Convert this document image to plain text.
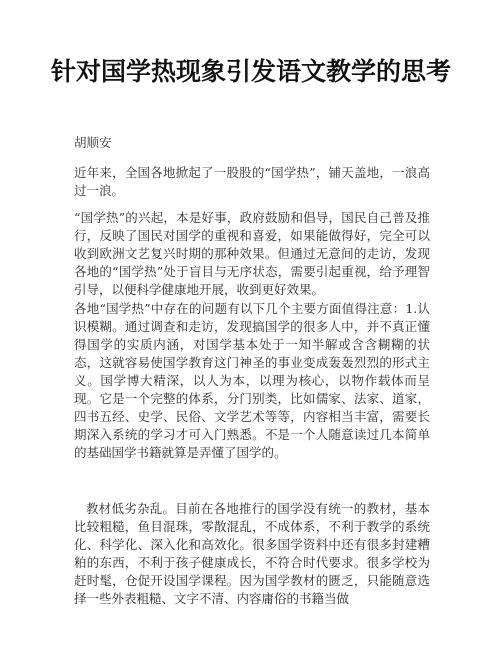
针对国学热现象引发语文教学的思考
胡顺安

近年来，全国各地掀起了一股股的“国学热”，铺天盖地，一浪高过一浪。

“国学热”的兴起，本是好事，政府鼓励和倡导，国民自己普及推行，反映了国民对国学的重视和喜爱，如果能做得好，完全可以收到欧洲文艺复兴时期的那种效果。但通过无意间的走访，发现各地的“国学热”处于盲目与无序状态，需要引起重视，给予理智引导，以便科学健康地开展，收到更好效果。

各地“国学热”中存在的问题有以下几个主要方面值得注意：1.认识模糊。通过调查和走访，发现搞国学的很多人中，并不真正懂得国学的实质内涵，对国学基本处于一知半解或含含糊糊的状态，这就容易使国学教育这门神圣的事业变成轰轰烈烈的形式主义。国学博大精深，以人为本，以理为核心，以物作载体而呈现。它是一个完整的体系，分门别类，比如儒家、法家、道家，四书五经、史学、民俗、文学艺术等等，内容相当丰富，需要长期深入系统的学习才可入门熟悉。不是一个人随意读过几本简单的基础国学书籍就算是弄懂了国学的。

教材低劣杂乱。目前在各地推行的国学没有统一的教材，基本比较粗糙，鱼目混珠，零散混乱，不成体系，不利于教学的系统化、科学化、深入化和高效化。很多国学资料中还有很多封建糟粕的东西，不利于孩子健康成长，不符合时代要求。很多学校为赶时髦，仓促开设国学课程。因为国学教材的匮乏，只能随意选择一些外表粗糙、文字不清、内容庸俗的书籍当做
